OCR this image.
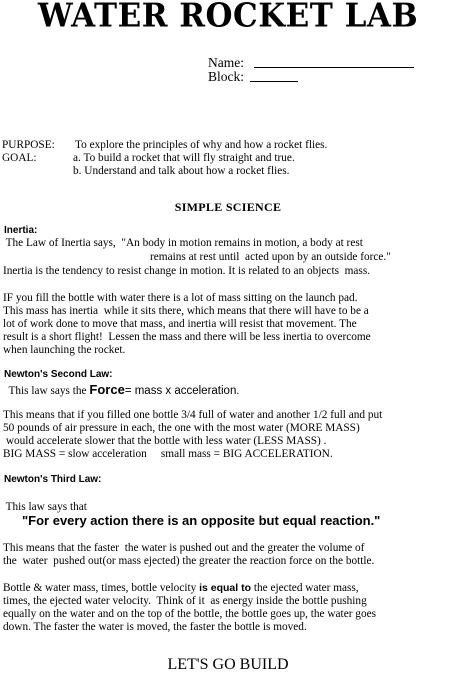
WATER ROCKET LAB
Name:
Block:
PURPOSE: To explore the principles of why and how a rocket flies.
GOAL:	a. To build a rocket that will fly straight and true.
b. Understand and talk about how a rocket flies.
SIMPLE SCIENCE
Inertia:
The Law of Inertia says,  "An body in motion remains in motion, a body at rest
remains at rest until  acted upon by an outside force."
Inertia is the tendency to resist change in motion. It is related to an objects  mass.
IF you fill the bottle with water there is a lot of mass sitting on the launch pad.
This mass has inertia  while it sits there, which means that there will have to be a
lot of work done to move that mass, and inertia will resist that movement. The
result is a short flight!  Lessen the mass and there will be less inertia to overcome
when launching the rocket.
Newton's Second Law:
This law says the Force= mass x acceleration.
This means that if you filled one bottle 3/4 full of water and another 1/2 full and put
50 pounds of air pressure in each, the one with the most water (MORE MASS)
would accelerate slower that the bottle with less water (LESS MASS) .
BIG MASS = slow acceleration     small mass = BIG ACCELERATION.
Newton's Third Law:
This law says that
"For every action there is an opposite but equal reaction."
This means that the faster  the water is pushed out and the greater the volume of
the  water  pushed out(or mass ejected) the greater the reaction force on the bottle.
Bottle & water mass, times, bottle velocity is equal to the ejected water mass,
times, the ejected water velocity.  Think of it  as energy inside the bottle pushing
equally on the water and on the top of the bottle, the bottle goes up, the water goes
down. The faster the water is moved, the faster the bottle is moved.
LET'S GO BUILD
